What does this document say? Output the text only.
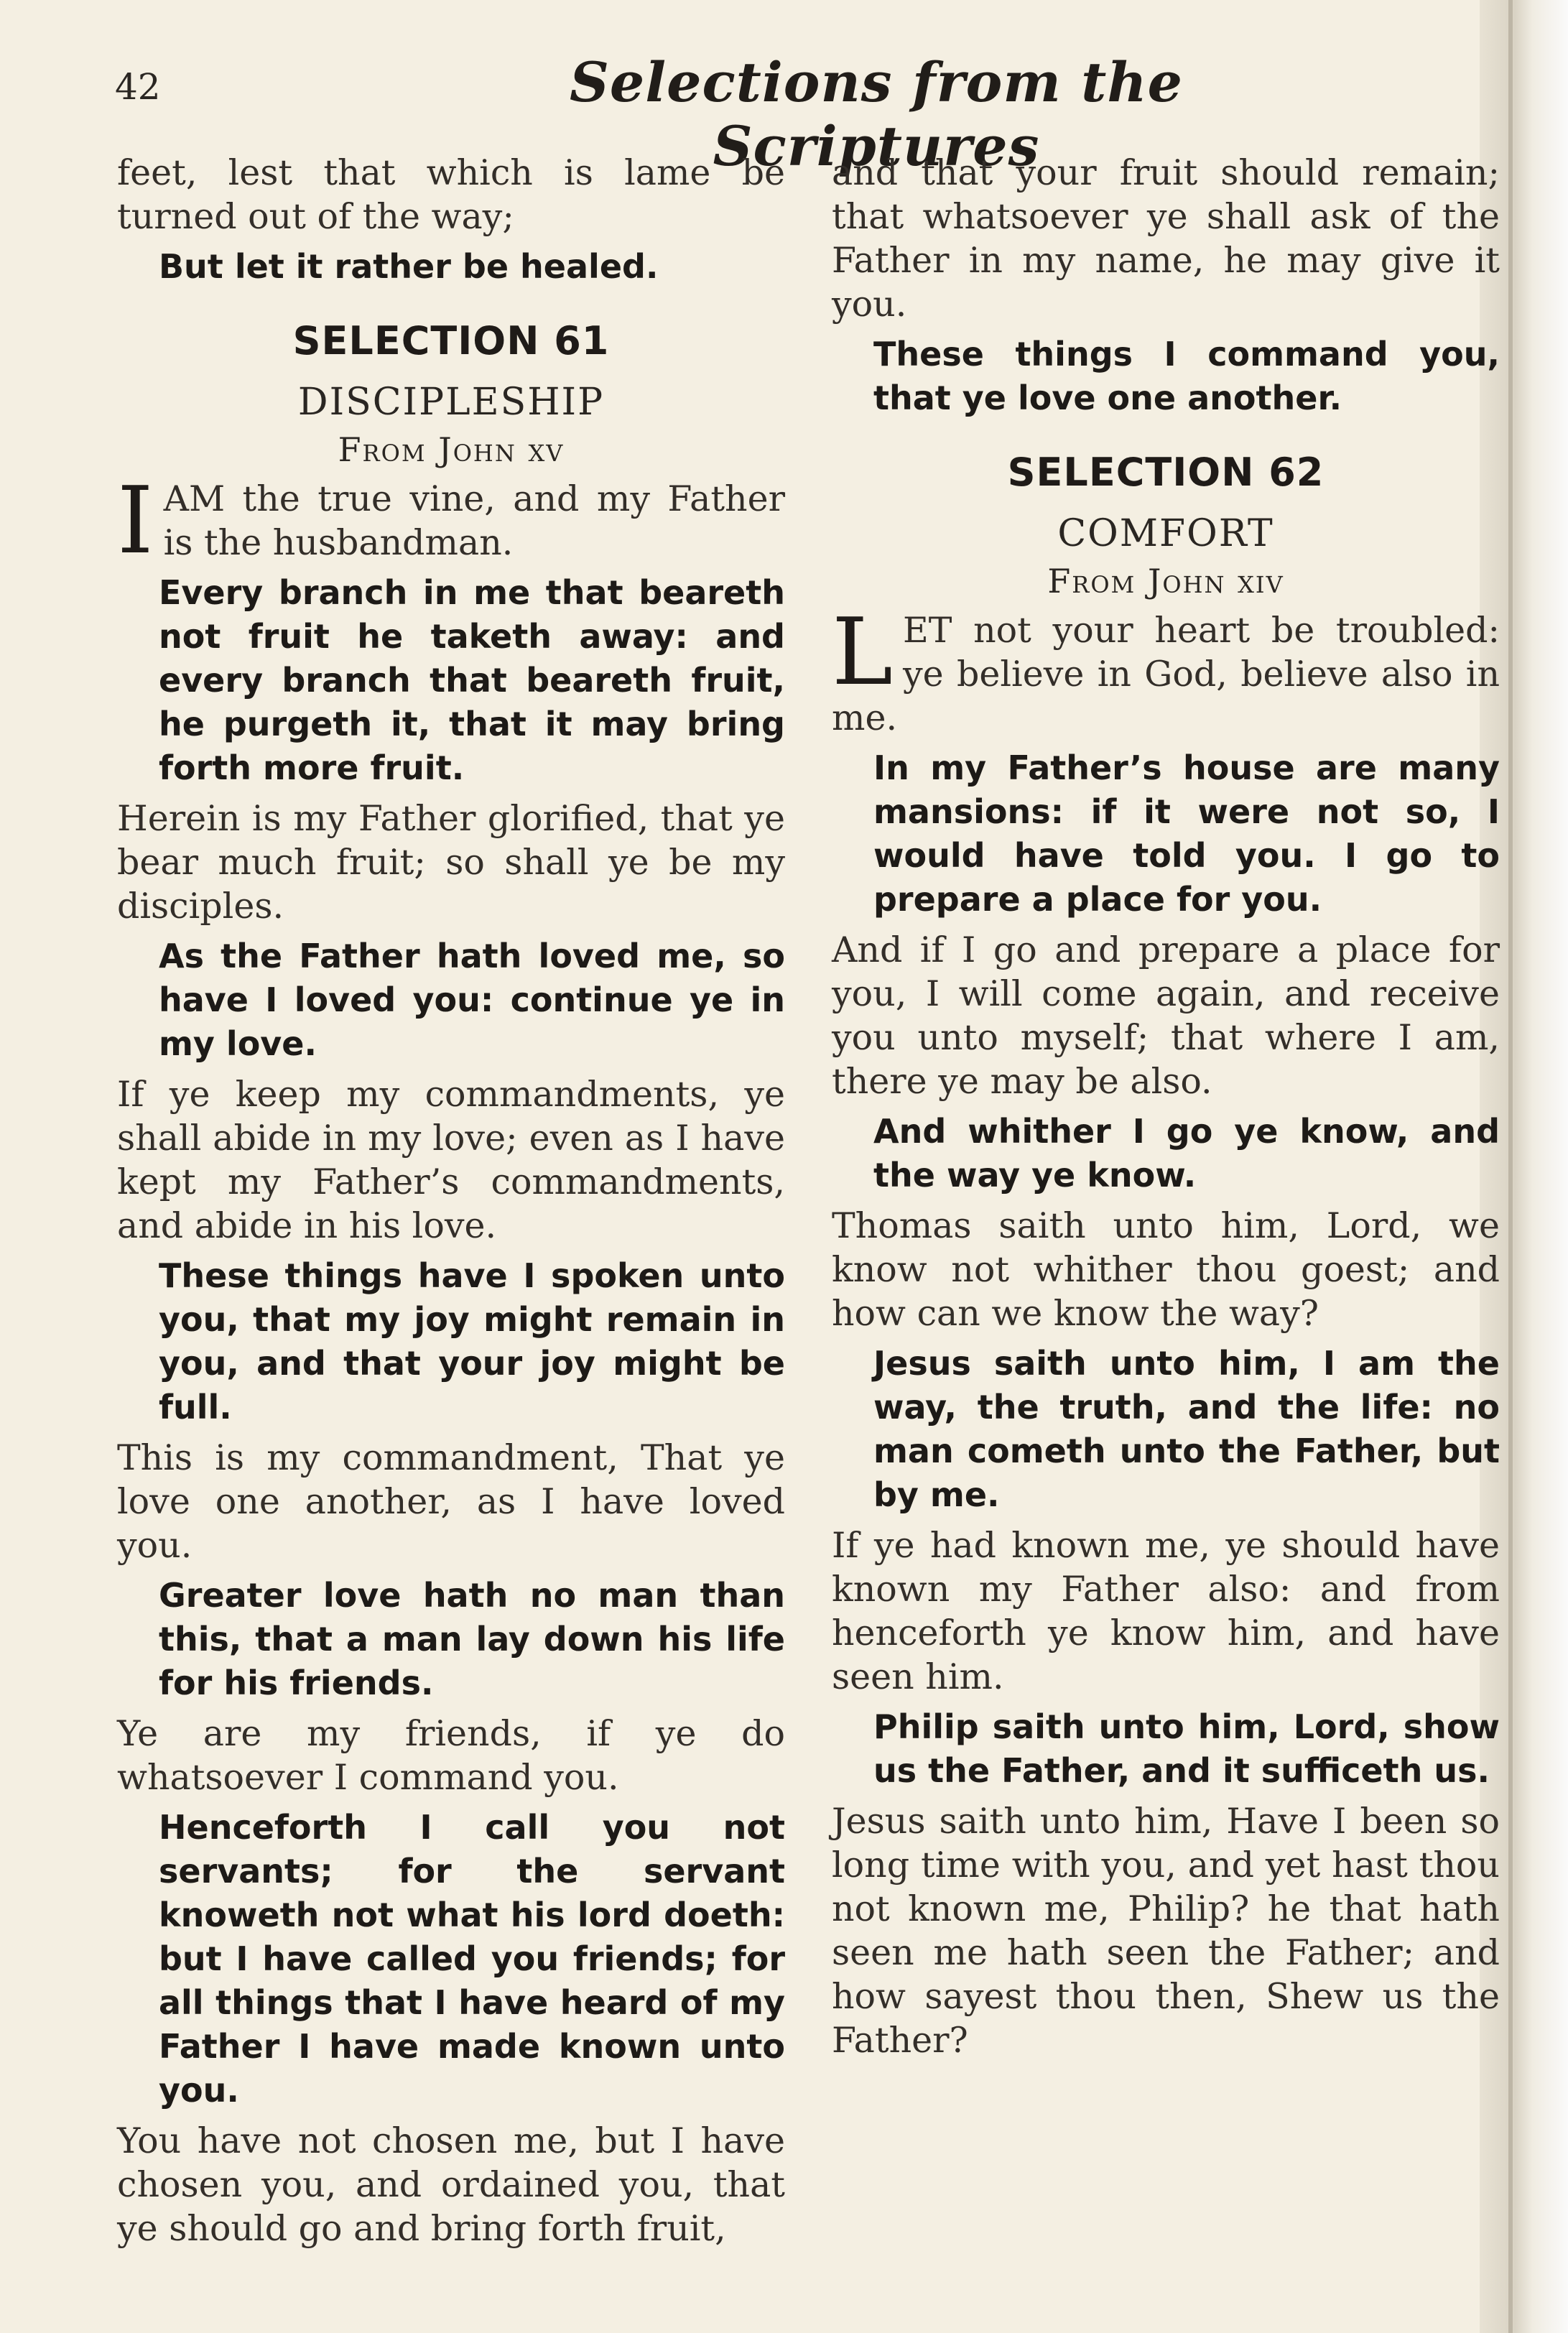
42	Selections from the Scriptures

feet, lest that which is lame be turned out of the way;

But let it rather be healed.

SELECTION 61
DISCIPLESHIP
From John xv

I AM the true vine, and my Father is the husbandman.

Every branch in me that beareth not fruit he taketh away: and every branch that beareth fruit, he purgeth it, that it may bring forth more fruit.

Herein is my Father glorified, that ye bear much fruit; so shall ye be my disciples.

As the Father hath loved me, so have I loved you: continue ye in my love.

If ye keep my commandments, ye shall abide in my love; even as I have kept my Father’s commandments, and abide in his love.

These things have I spoken unto you, that my joy might remain in you, and that your joy might be full.

This is my commandment, That ye love one another, as I have loved you.

Greater love hath no man than this, that a man lay down his life for his friends.

Ye are my friends, if ye do whatsoever I command you.

Henceforth I call you not servants; for the servant knoweth not what his lord doeth: but I have called you friends; for all things that I have heard of my Father I have made known unto you.

You have not chosen me, but I have chosen you, and ordained you, that ye should go and bring forth fruit,

and that your fruit should remain; that whatsoever ye shall ask of the Father in my name, he may give it you.

These things I command you, that ye love one another.

SELECTION 62
COMFORT
From John xiv

L ET not your heart be troubled: ye believe in God, believe also in me.

In my Father’s house are many mansions: if it were not so, I would have told you. I go to prepare a place for you.

And if I go and prepare a place for you, I will come again, and receive you unto myself; that where I am, there ye may be also.

And whither I go ye know, and the way ye know.

Thomas saith unto him, Lord, we know not whither thou goest; and how can we know the way?

Jesus saith unto him, I am the way, the truth, and the life: no man cometh unto the Father, but by me.

If ye had known me, ye should have known my Father also: and from henceforth ye know him, and have seen him.

Philip saith unto him, Lord, show us the Father, and it sufficeth us.

Jesus saith unto him, Have I been so long time with you, and yet hast thou not known me, Philip? he that hath seen me hath seen the Father; and how sayest thou then, Shew us the Father?
